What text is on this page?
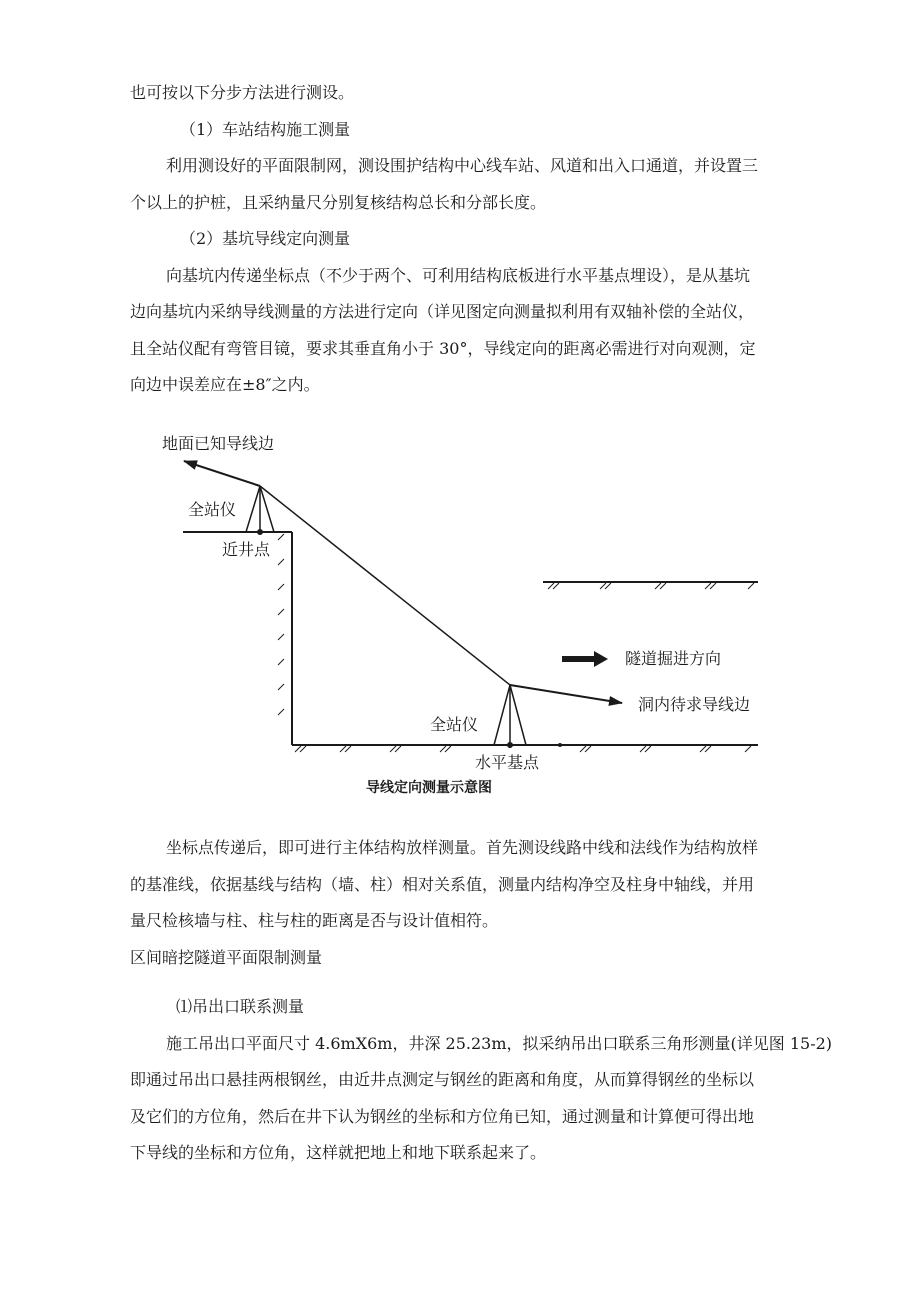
也可按以下分步方法进行测设。
（1）车站结构施工测量
利用测设好的平面限制网，测设围护结构中心线车站、风道和出入口通道，并设置三
个以上的护桩，且采纳量尺分别复核结构总长和分部长度。
（2）基坑导线定向测量
向基坑内传递坐标点（不少于两个、可利用结构底板进行水平基点埋设），是从基坑
边向基坑内采纳导线测量的方法进行定向（详见图定向测量拟利用有双轴补偿的全站仪，
且全站仪配有弯管目镜，要求其垂直角小于 30°，导线定向的距离必需进行对向观测，定
向边中误差应在±8″之内。
地面已知导线边
全站仪
近井点
隧道掘进方向
洞内待求导线边
全站仪
水平基点
导线定向测量示意图
坐标点传递后，即可进行主体结构放样测量。首先测设线路中线和法线作为结构放样
的基准线，依据基线与结构（墙、柱）相对关系值，测量内结构净空及柱身中轴线，并用
量尺检核墙与柱、柱与柱的距离是否与设计值相符。
区间暗挖隧道平面限制测量
⑴吊出口联系测量
施工吊出口平面尺寸 4.6mX6m，井深 25.23m，拟采纳吊出口联系三角形测量(详见图 15-2)
即通过吊出口悬挂两根钢丝，由近井点测定与钢丝的距离和角度，从而算得钢丝的坐标以
及它们的方位角，然后在井下认为钢丝的坐标和方位角已知，通过测量和计算便可得出地
下导线的坐标和方位角，这样就把地上和地下联系起来了。
